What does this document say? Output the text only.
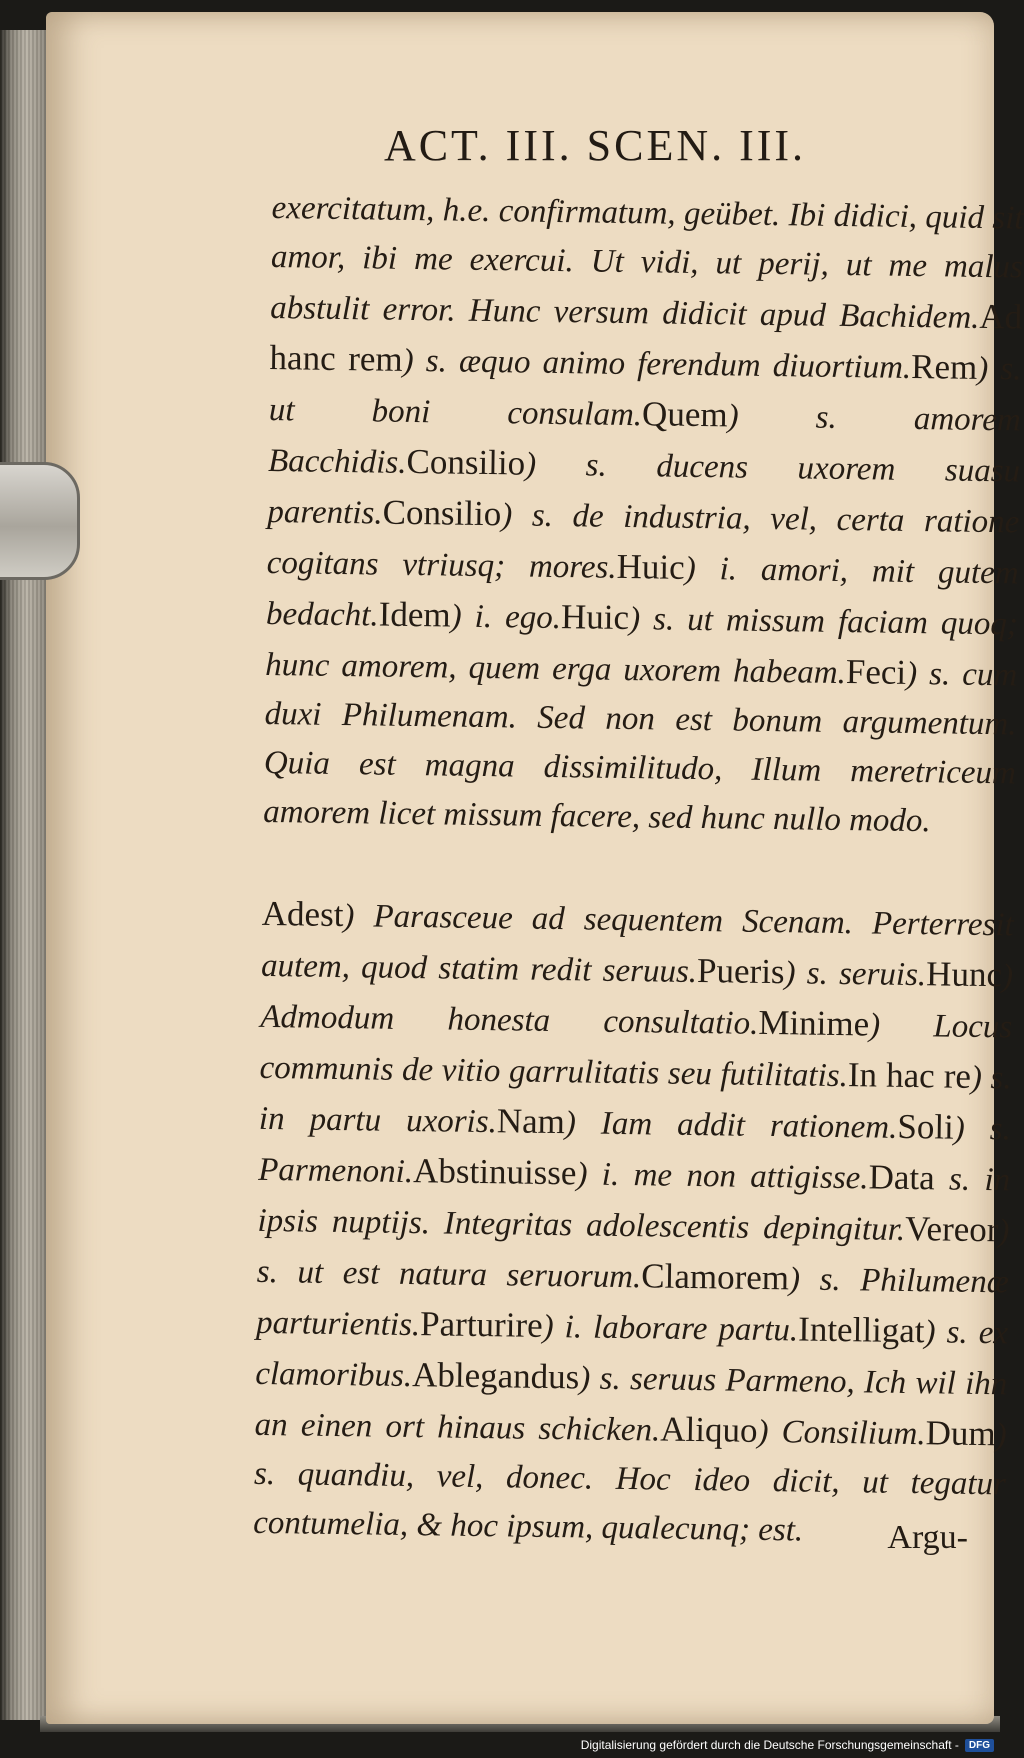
ACT. III. SCEN. III.

exercitatum, h.e. confirmatum, geübet. Ibi didici, quid sit amor, ibi me exercui. Ut vidi, ut perij, ut me malus abstulit error. Hunc versum didicit apud Bachidem.Ad hanc rem) s. æquo animo ferendum diuortium.Rem) s. ut boni consulam.Quem) s. amorem Bacchidis.Consilio) s. ducens uxorem suasu parentis.Consilio) s. de industria, vel, certa ratione cogitans vtriusq; mores.Huic) i. amori, mit gutem bedacht.Idem) i. ego.Huic) s. ut missum faciam quoq; hunc amorem, quem erga uxorem habeam.Feci) s. cum duxi Philumenam. Sed non est bonum argumentum. Quia est magna dissimilitudo, Illum meretriceum amorem licet missum facere, sed hunc nullo modo.

Adest) Parasceue ad sequentem Scenam. Perterresit autem, quod statim redit seruus.Pueris) s. seruis.Hunc) Admodum honesta consultatio.Minime) Locus communis de vitio garrulitatis seu futilitatis.In hac re) s. in partu uxoris.Nam) Iam addit rationem.Soli) s. Parmenoni.Abstinuisse) i. me non attigisse.Data s. in ipsis nuptijs. Integritas adolescentis depingitur.Vereor) s. ut est natura seruorum.Clamorem) s. Philumenæ parturientis.Parturire) i. laborare partu.Intelligat) s. ex clamoribus.Ablegandus) s. seruus Parmeno, Ich wil ihn an einen ort hinaus schicken.Aliquo) Consilium.Dum) s. quandiu, vel, donec. Hoc ideo dicit, ut tegatur contumelia, & hoc ipsum, qualecunq; est.	Argu-
Digitalisierung gefördert durch die Deutsche Forschungsgemeinschaft -	DFG
